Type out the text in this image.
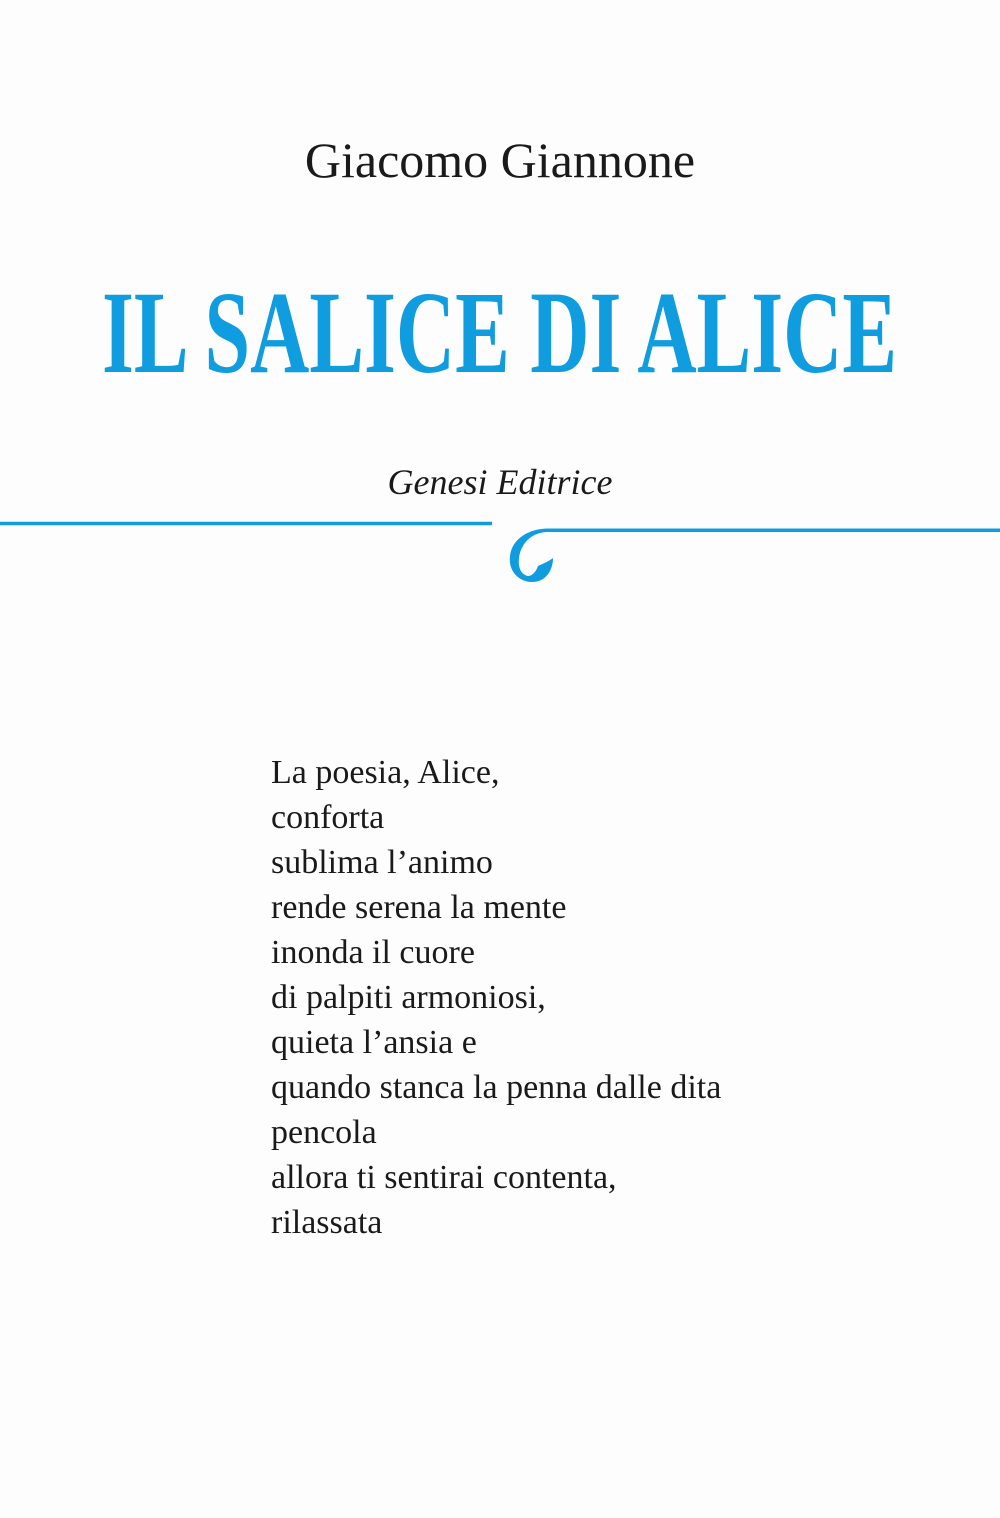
Giacomo Giannone
IL SALICE DI ALICE
Genesi Editrice
La poesia, Alice,
conforta
sublima l’animo
rende serena la mente
inonda il cuore
di palpiti armoniosi,
quieta l’ansia e
quando stanca la penna dalle dita
pencola
allora ti sentirai contenta,
rilassata
